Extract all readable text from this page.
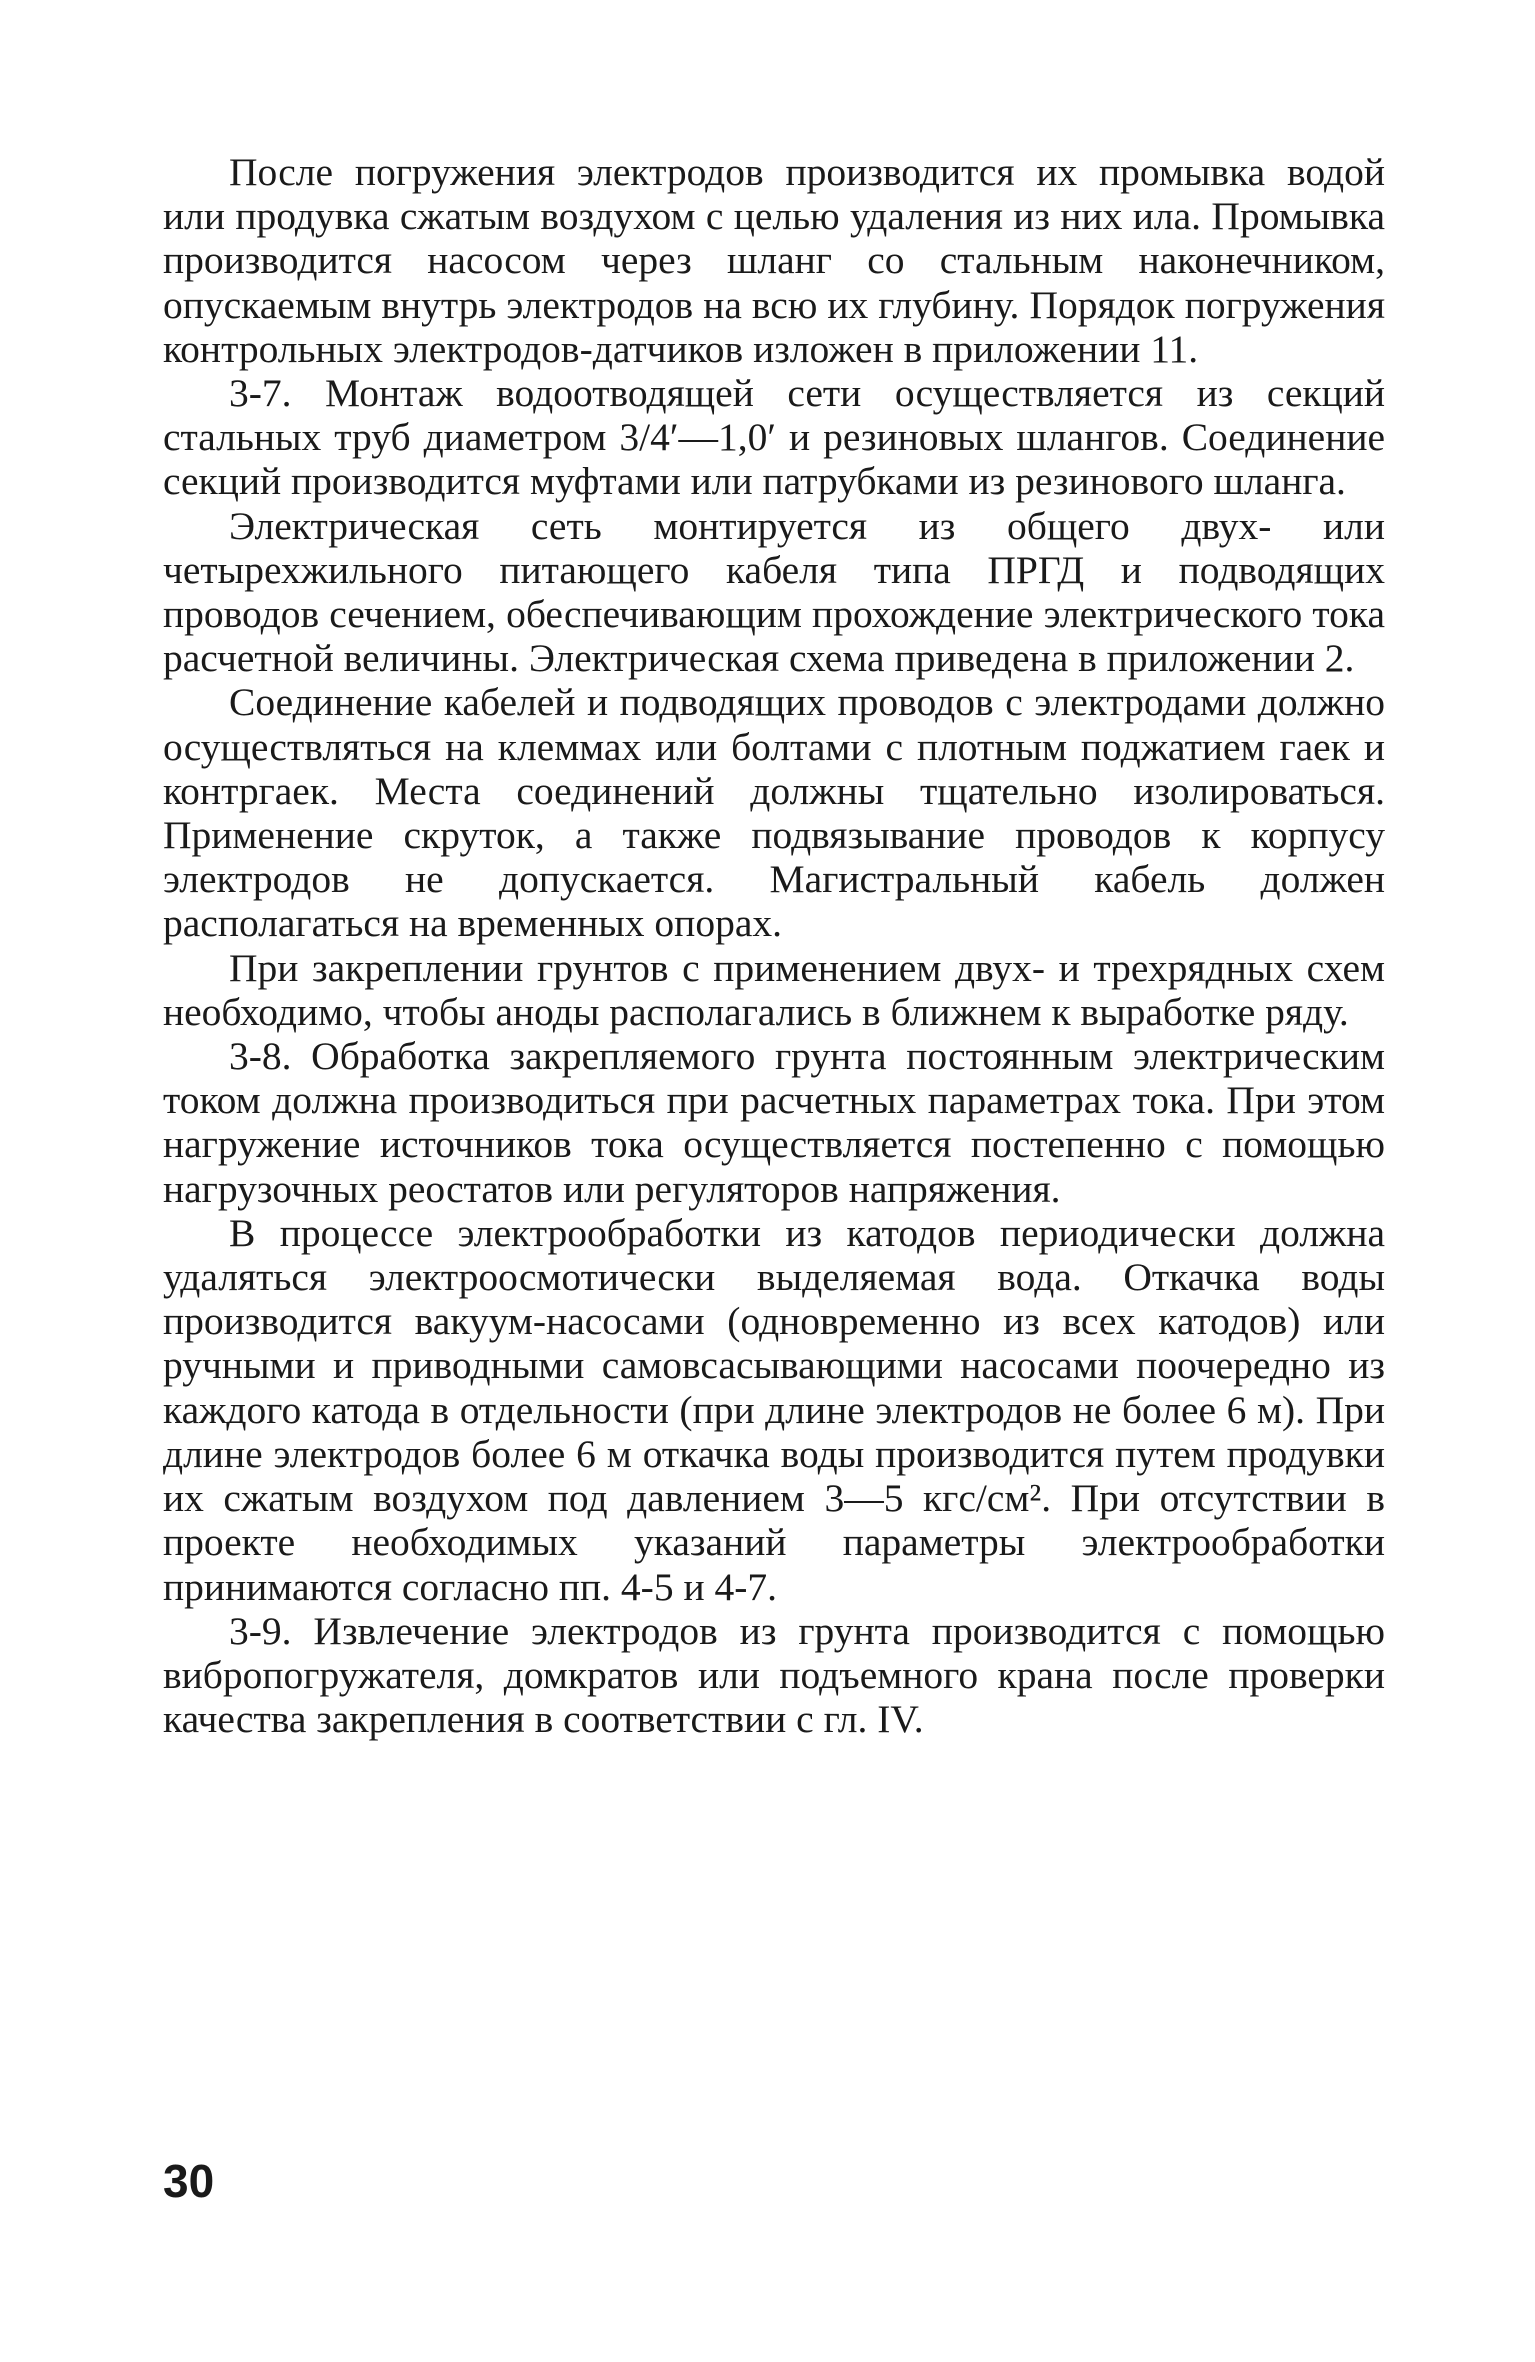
После погружения электродов производится их промывка водой или продувка сжатым воздухом с целью удаления из них ила. Промывка производится насосом через шланг со стальным наконечником, опускаемым внутрь электродов на всю их глубину. Порядок погружения контрольных электродов-датчиков изложен в приложении 11.

3-7. Монтаж водоотводящей сети осуществляется из секций стальных труб диаметром 3/4′—1,0′ и резиновых шлангов. Соединение секций производится муфтами или патрубками из резинового шланга.

Электрическая сеть монтируется из общего двух- или четырехжильного питающего кабеля типа ПРГД и подводящих проводов сечением, обеспечивающим прохождение электрического тока расчетной величины. Электрическая схема приведена в приложении 2.

Соединение кабелей и подводящих проводов с электродами должно осуществляться на клеммах или болтами с плотным поджатием гаек и контргаек. Места соединений должны тщательно изолироваться. Применение скруток, а также подвязывание проводов к корпусу электродов не допускается. Магистральный кабель должен располагаться на временных опорах.

При закреплении грунтов с применением двух- и трехрядных схем необходимо, чтобы аноды располагались в ближнем к выработке ряду.

3-8. Обработка закрепляемого грунта постоянным электрическим током должна производиться при расчетных параметрах тока. При этом нагружение источников тока осуществляется постепенно с помощью нагрузочных реостатов или регуляторов напряжения.

В процессе электрообработки из катодов периодически должна удаляться электроосмотически выделяемая вода. Откачка воды производится вакуум-насосами (одновременно из всех катодов) или ручными и приводными самовсасывающими насосами поочередно из каждого катода в отдельности (при длине электродов не более 6 м). При длине электродов более 6 м откачка воды производится путем продувки их сжатым воздухом под давлением 3—5 кгс/см². При отсутствии в проекте необходимых указаний параметры электрообработки принимаются согласно пп. 4-5 и 4-7.

3-9. Извлечение электродов из грунта производится с помощью вибропогружателя, домкратов или подъемного крана после проверки качества закрепления в соответствии с гл. IV.

30
